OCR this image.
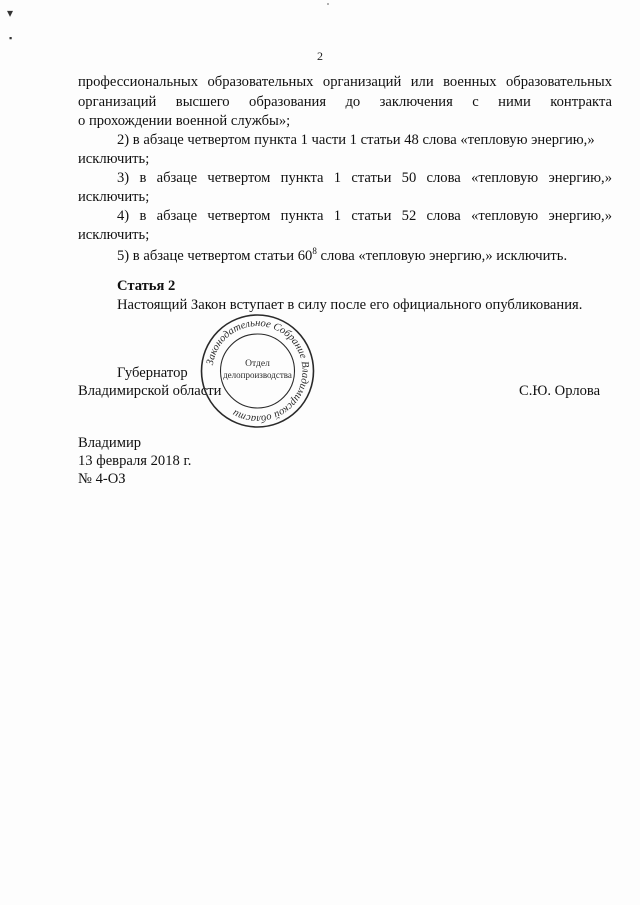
▾
▪
2
профессиональных образовательных организаций или военных образовательных
организаций высшего образования до заключения с ними контракта
о прохождении военной службы»;
2) в абзаце четвертом пункта 1 части 1 статьи 48 слова «тепловую энергию,»
исключить;
3) в абзаце четвертом пункта 1 статьи 50 слова «тепловую энергию,»
исключить;
4) в абзаце четвертом пункта 1 статьи 52 слова «тепловую энергию,»
исключить;
5) в абзаце четвертом статьи $60^8$ слова «тепловую энергию,» исключить.
Статья 2
Настоящий Закон вступает в силу после его официального опубликования.
Губернатор
Владимирской области	С.Ю. Орлова
Законодательное Собрание Владимирской области
Отдел
делопроизводства
Владимир
13 февраля 2018 г.
№ 4-ОЗ
